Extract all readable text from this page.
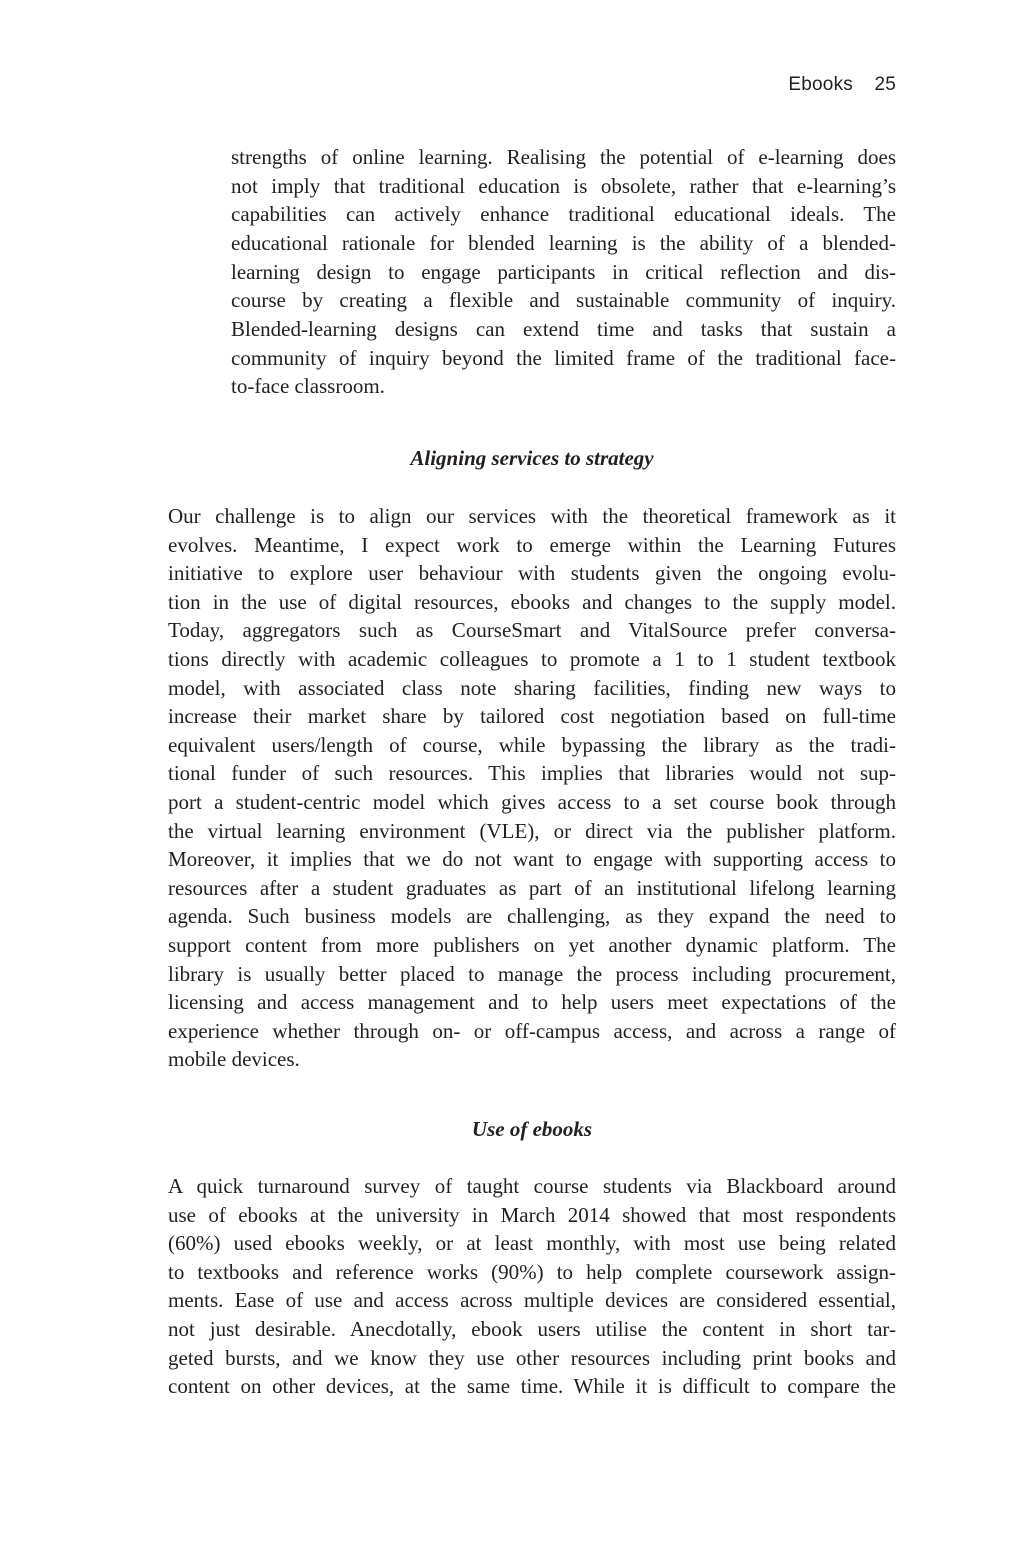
Ebooks 25
strengths of online learning. Realising the potential of e-learning does
not imply that traditional education is obsolete, rather that e-learning’s
capabilities can actively enhance traditional educational ideals. The
educational rationale for blended learning is the ability of a blended-
learning design to engage participants in critical reflection and dis-
course by creating a flexible and sustainable community of inquiry.
Blended-learning designs can extend time and tasks that sustain a
community of inquiry beyond the limited frame of the traditional face-
to-face classroom.
Aligning services to strategy
Our challenge is to align our services with the theoretical framework as it
evolves. Meantime, I expect work to emerge within the Learning Futures
initiative to explore user behaviour with students given the ongoing evolu-
tion in the use of digital resources, ebooks and changes to the supply model.
Today, aggregators such as CourseSmart and VitalSource prefer conversa-
tions directly with academic colleagues to promote a 1 to 1 student textbook
model, with associated class note sharing facilities, finding new ways to
increase their market share by tailored cost negotiation based on full-time
equivalent users/length of course, while bypassing the library as the tradi-
tional funder of such resources. This implies that libraries would not sup-
port a student-centric model which gives access to a set course book through
the virtual learning environment (VLE), or direct via the publisher platform.
Moreover, it implies that we do not want to engage with supporting access to
resources after a student graduates as part of an institutional lifelong learning
agenda. Such business models are challenging, as they expand the need to
support content from more publishers on yet another dynamic platform. The
library is usually better placed to manage the process including procurement,
licensing and access management and to help users meet expectations of the
experience whether through on- or off-campus access, and across a range of
mobile devices.
Use of ebooks
A quick turnaround survey of taught course students via Blackboard around
use of ebooks at the university in March 2014 showed that most respondents
(60%) used ebooks weekly, or at least monthly, with most use being related
to textbooks and reference works (90%) to help complete coursework assign-
ments. Ease of use and access across multiple devices are considered essential,
not just desirable. Anecdotally, ebook users utilise the content in short tar-
geted bursts, and we know they use other resources including print books and
content on other devices, at the same time. While it is difficult to compare the
